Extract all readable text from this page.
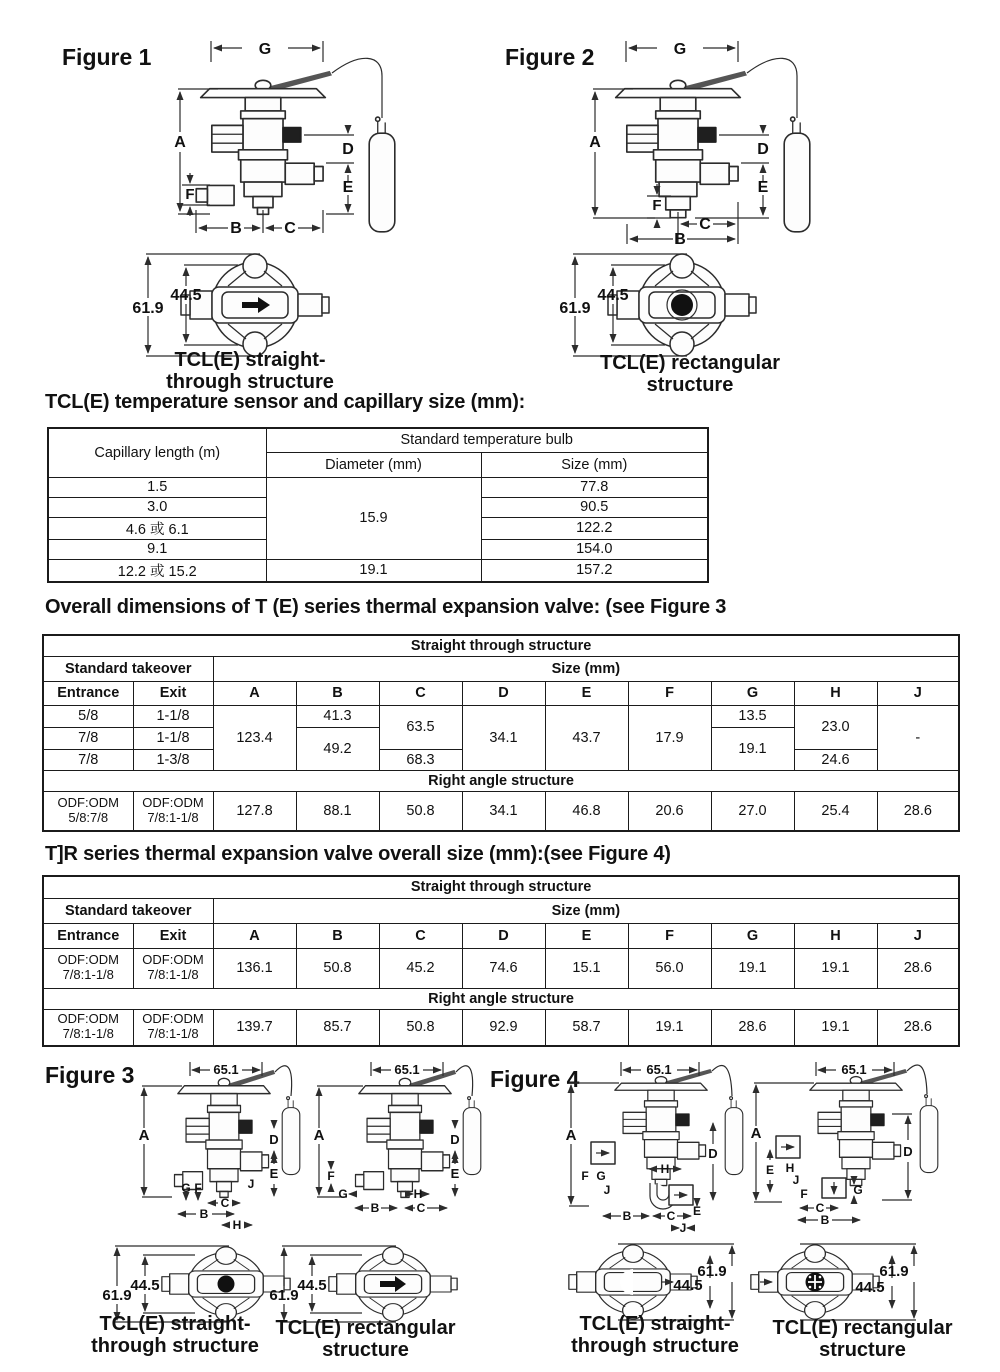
Figure 1	G
A	D
E
F
B	C
61.9
44.5
TCL(E) straight-
through structure
Figure 2	G
A	D
E
F
C
B
61.9
44.5
TCL(E) rectangular
structure
TCL(E) temperature sensor and capillary size (mm):
Capillary length (m)	Standard temperature bulb	
	Diameter (mm)	Size (mm)
1.5	15.9	77.8
3.0		90.5
4.6 或 6.1		122.2
9.1		154.0
12.2 或 15.2	19.1	157.2
Overall dimensions of T (E) series thermal expansion valve: (see Figure 3
Straight through structure										
Standard takeover		Size (mm)								
Entrance	Exit	A	B	C	D	E	F	G	H	J
5/8	1-1/8	123.4	41.3	63.5	34.1	43.7	17.9	13.5	23.0	-
7/8	1-1/8		49.2					19.1		
7/8	1-3/8			68.3					24.6	
Right angle structure										
ODF:ODM 5/8:7/8	ODF:ODM 7/8:1-1/8	127.8	88.1	50.8	34.1	46.8	20.6	27.0	25.4	28.6
T]R series thermal expansion valve overall size (mm):(see Figure 4)
Straight through structure										
Standard takeover		Size (mm)								
Entrance	Exit	A	B	C	D	E	F	G	H	J
ODF:ODM 7/8:1-1/8	ODF:ODM 7/8:1-1/8	136.1	50.8	45.2	74.6	15.1	56.0	19.1	19.1	28.6
Right angle structure										
ODF:ODM 7/8:1-1/8	ODF:ODM 7/8:1-1/8	139.7	85.7	50.8	92.9	58.7	19.1	28.6	19.1	28.6
Figure 3	65.1
A	D
E
J
G F
C
B
H
65.1
A
F
G
B	C
H
D
E
61.9
44.5
61.9
44.5
TCL(E) straight-
through structure
TCL(E) rectangular
structure
Figure 4	65.1
A
D
F G
J
H
E
B	C
J
65.1
A
E H
J
F
C
B
D
G
44.5
61.9
44.5
61.9
TCL(E) straight-
through structure
TCL(E) rectangular
structure
